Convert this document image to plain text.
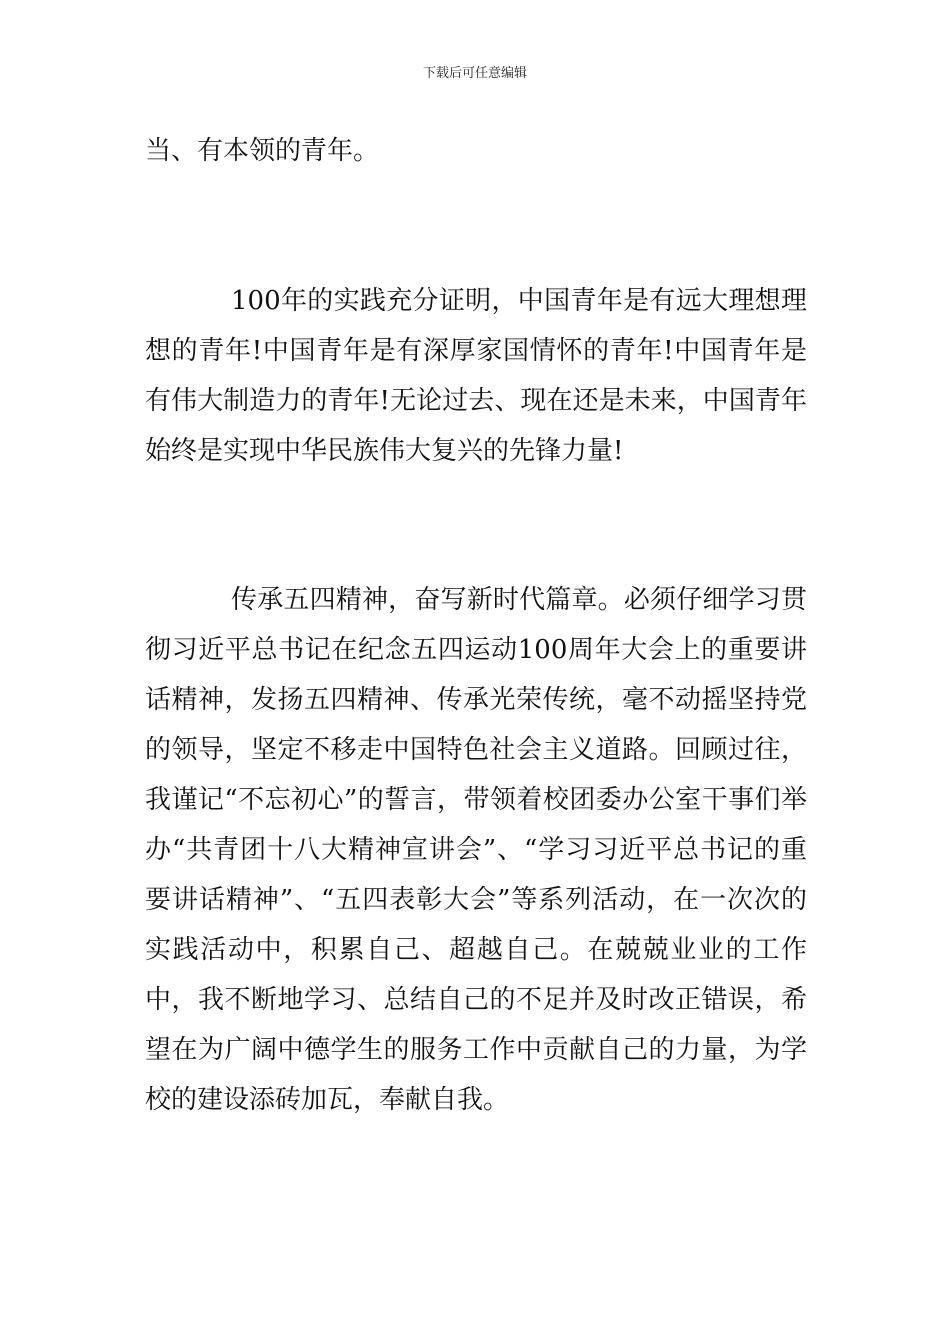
下载后可任意编辑

当、有本领的青年。

100年的实践充分证明，中国青年是有远大理想理想的青年!中国青年是有深厚家国情怀的青年!中国青年是有伟大制造力的青年!无论过去、现在还是未来，中国青年始终是实现中华民族伟大复兴的先锋力量!

传承五四精神，奋写新时代篇章。必须仔细学习贯彻习近平总书记在纪念五四运动100周年大会上的重要讲话精神，发扬五四精神、传承光荣传统，毫不动摇坚持党的领导，坚定不移走中国特色社会主义道路。回顾过往，我谨记“不忘初心”的誓言，带领着校团委办公室干事们举办“共青团十八大精神宣讲会”、“学习习近平总书记的重要讲话精神”、“五四表彰大会”等系列活动，在一次次的实践活动中，积累自己、超越自己。在兢兢业业的工作中，我不断地学习、总结自己的不足并及时改正错误，希望在为广阔中德学生的服务工作中贡献自己的力量，为学校的建设添砖加瓦，奉献自我。
